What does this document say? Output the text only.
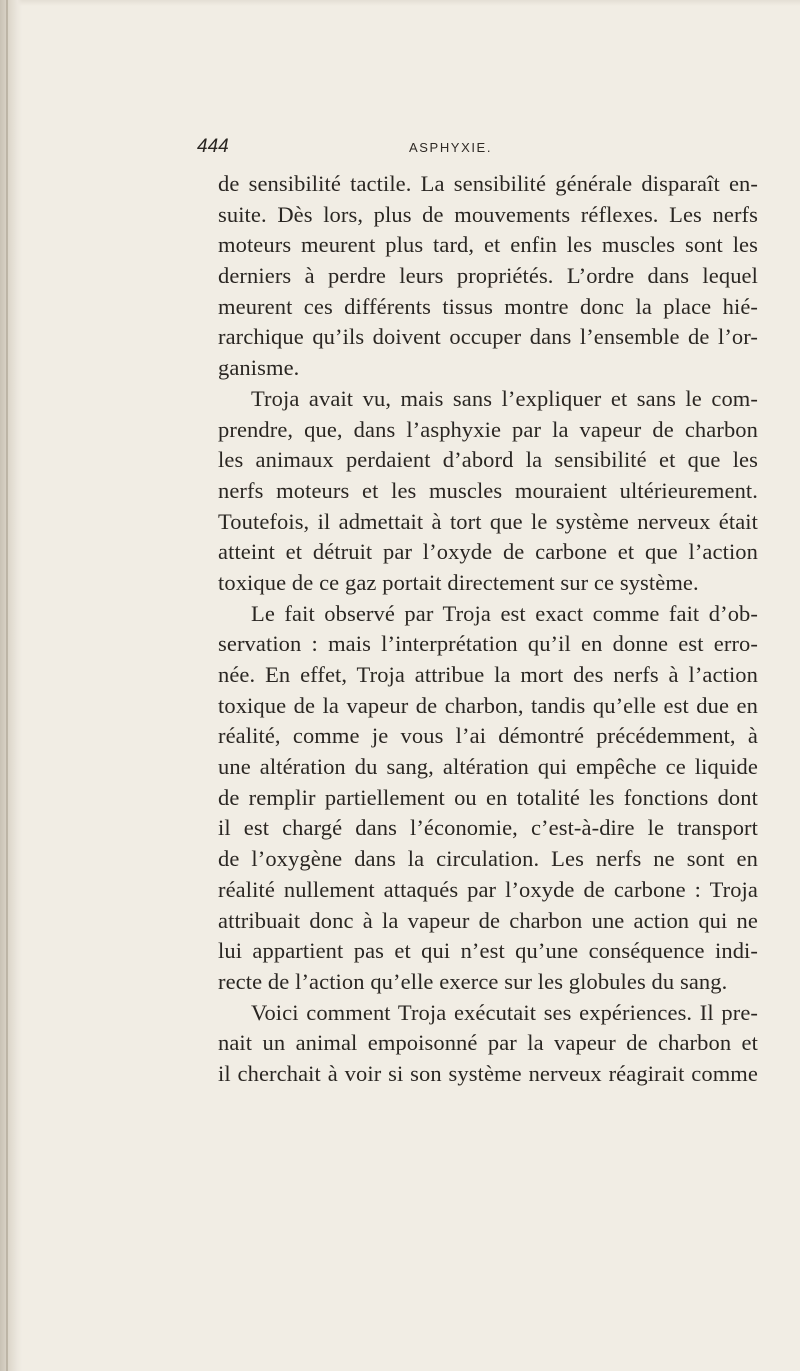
444	ASPHYXIE.
de sensibilité tactile. La sensibilité générale disparaît en-
suite. Dès lors, plus de mouvements réflexes. Les nerfs
moteurs meurent plus tard, et enfin les muscles sont les
derniers à perdre leurs propriétés. L’ordre dans lequel
meurent ces différents tissus montre donc la place hié-
rarchique qu’ils doivent occuper dans l’ensemble de l’or-
ganisme.
Troja avait vu, mais sans l’expliquer et sans le com-
prendre, que, dans l’asphyxie par la vapeur de charbon
les animaux perdaient d’abord la sensibilité et que les
nerfs moteurs et les muscles mouraient ultérieurement.
Toutefois, il admettait à tort que le système nerveux était
atteint et détruit par l’oxyde de carbone et que l’action
toxique de ce gaz portait directement sur ce système.
Le fait observé par Troja est exact comme fait d’ob-
servation : mais l’interprétation qu’il en donne est erro-
née. En effet, Troja attribue la mort des nerfs à l’action
toxique de la vapeur de charbon, tandis qu’elle est due en
réalité, comme je vous l’ai démontré précédemment, à
une altération du sang, altération qui empêche ce liquide
de remplir partiellement ou en totalité les fonctions dont
il est chargé dans l’économie, c’est-à-dire le transport
de l’oxygène dans la circulation. Les nerfs ne sont en
réalité nullement attaqués par l’oxyde de carbone : Troja
attribuait donc à la vapeur de charbon une action qui ne
lui appartient pas et qui n’est qu’une conséquence indi-
recte de l’action qu’elle exerce sur les globules du sang.
Voici comment Troja exécutait ses expériences. Il pre-
nait un animal empoisonné par la vapeur de charbon et
il cherchait à voir si son système nerveux réagirait comme
